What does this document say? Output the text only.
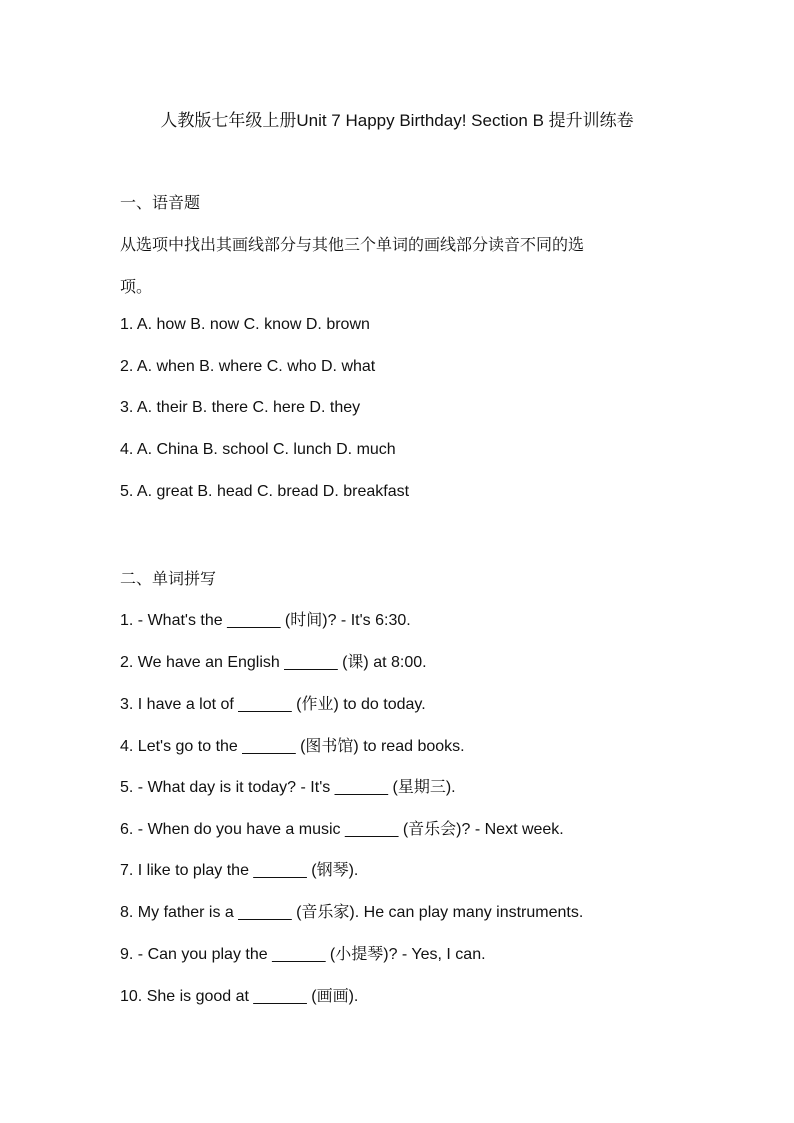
人教版七年级上册Unit 7 Happy Birthday! Section B 提升训练卷
一、语音题
从选项中找出其画线部分与其他三个单词的画线部分读音不同的选
项。
1. A. how B. now C. know D. brown
2. A. when B. where C. who D. what
3. A. their B. there C. here D. they
4. A. China B. school C. lunch D. much
5. A. great B. head C. bread D. breakfast
二、单词拼写
1. - What's the ______ (时间)? - It's 6:30.
2. We have an English ______ (课) at 8:00.
3. I have a lot of ______ (作业) to do today.
4. Let's go to the ______ (图书馆) to read books.
5. - What day is it today? - It's ______ (星期三).
6. - When do you have a music ______ (音乐会)? - Next week.
7. I like to play the ______ (钢琴).
8. My father is a ______ (音乐家). He can play many instruments.
9. - Can you play the ______ (小提琴)? - Yes, I can.
10. She is good at ______ (画画).
